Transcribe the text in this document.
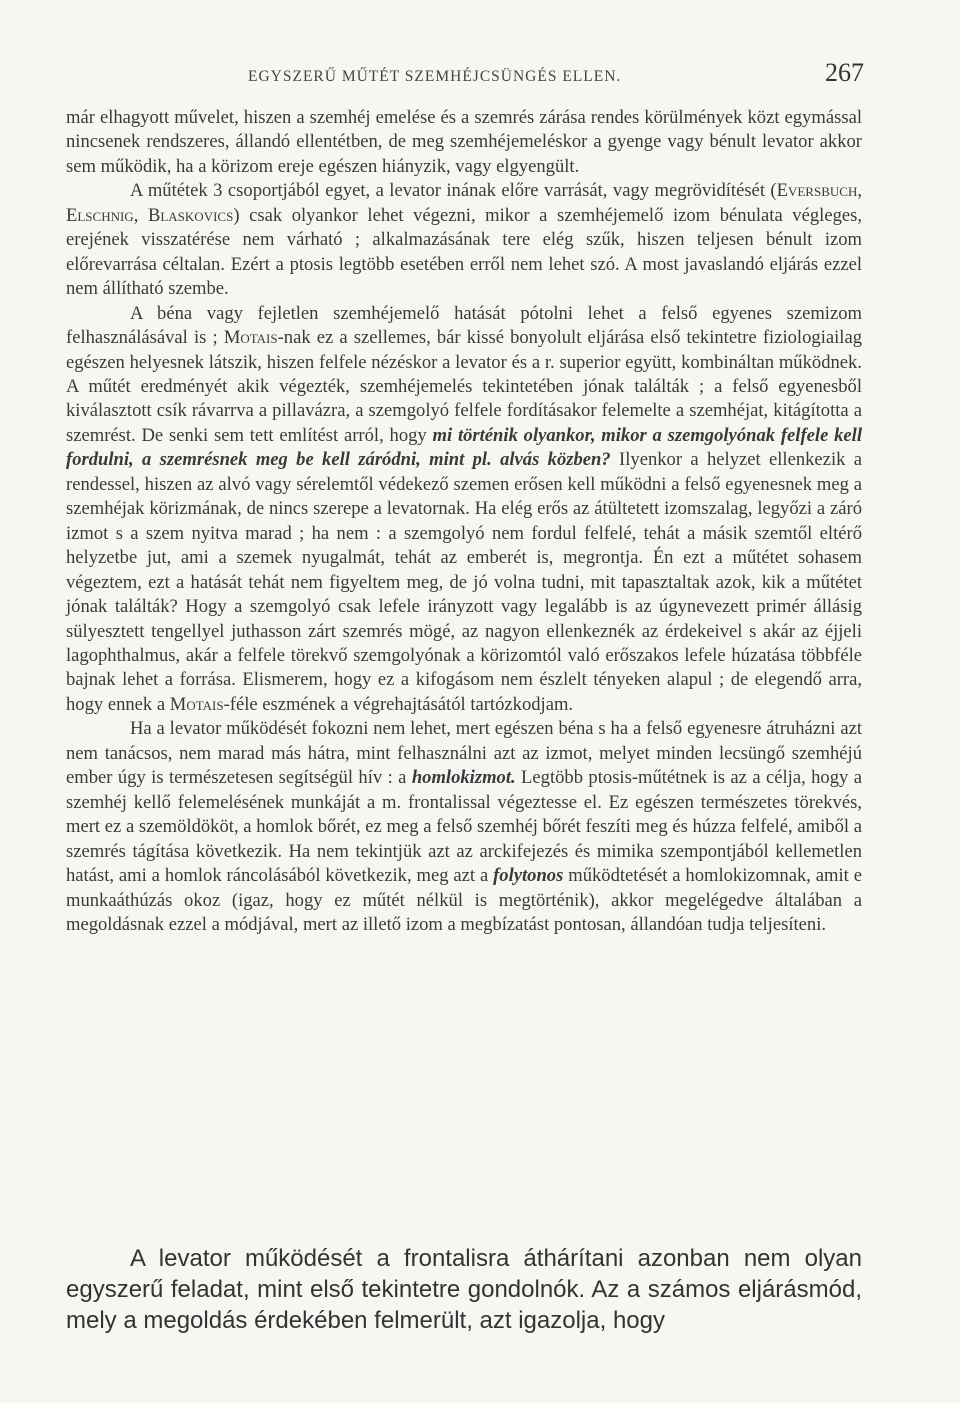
EGYSZERŰ MŰTÉT SZEMHÉJCSÜNGÉS ELLEN.	267

már elhagyott művelet, hiszen a szemhéj emelése és a szemrés zárása rendes körülmények közt egymással nincsenek rendszeres, állandó ellentétben, de meg szemhéjemeléskor a gyenge vagy bénult levator akkor sem működik, ha a körizom ereje egészen hiányzik, vagy elgyengült.

A műtétek 3 csoportjából egyet, a levator inának előre varrását, vagy megrövidítését (Eversbuch, Elschnig, Blaskovics) csak olyankor lehet végezni, mikor a szemhéjemelő izom bénulata végleges, erejének visszatérése nem várható ; alkalmazásának tere elég szűk, hiszen teljesen bénult izom előrevarrása céltalan. Ezért a ptosis legtöbb esetében erről nem lehet szó. A most javaslandó eljárás ezzel nem állítható szembe.

A béna vagy fejletlen szemhéjemelő hatását pótolni lehet a felső egyenes szemizom felhasználásával is ; Motais-nak ez a szellemes, bár kissé bonyolult eljárása első tekintetre fiziologiailag egészen helyesnek látszik, hiszen felfele nézéskor a levator és a r. superior együtt, kombináltan működnek. A műtét eredményét akik végezték, szemhéjemelés tekintetében jónak találták ; a felső egyenesből kiválasztott csík rávarrva a pillavázra, a szemgolyó felfele fordításakor felemelte a szemhéjat, kitágította a szemrést. De senki sem tett említést arról, hogy mi történik olyankor, mikor a szemgolyónak felfele kell fordulni, a szemrésnek meg be kell záródni, mint pl. alvás közben? Ilyenkor a helyzet ellenkezik a rendessel, hiszen az alvó vagy sérelemtől védekező szemen erősen kell működni a felső egyenesnek meg a szemhéjak körizmának, de nincs szerepe a levatornak. Ha elég erős az átültetett izomszalag, legyőzi a záró izmot s a szem nyitva marad ; ha nem : a szemgolyó nem fordul felfelé, tehát a másik szemtől eltérő helyzetbe jut, ami a szemek nyugalmát, tehát az emberét is, megrontja. Én ezt a műtétet sohasem végeztem, ezt a hatását tehát nem figyeltem meg, de jó volna tudni, mit tapasztaltak azok, kik a műtétet jónak találták? Hogy a szemgolyó csak lefele irányzott vagy legalább is az úgynevezett primér állásig sülyesztett tengellyel juthasson zárt szemrés mögé, az nagyon ellenkeznék az érdekeivel s akár az éjjeli lagophthalmus, akár a felfele törekvő szemgolyónak a körizomtól való erőszakos lefele húzatása többféle bajnak lehet a forrása. Elismerem, hogy ez a kifogásom nem észlelt tényeken alapul ; de elegendő arra, hogy ennek a Motais-féle eszmének a végrehajtásától tartózkodjam.

Ha a levator működését fokozni nem lehet, mert egészen béna s ha a felső egyenesre átruházni azt nem tanácsos, nem marad más hátra, mint felhasználni azt az izmot, melyet minden lecsüngő szemhéjú ember úgy is természetesen segítségül hív : a homlokizmot. Legtöbb ptosis-műtétnek is az a célja, hogy a szemhéj kellő felemelésének munkáját a m. frontalissal végeztesse el. Ez egészen természetes törekvés, mert ez a szemöldököt, a homlok bőrét, ez meg a felső szemhéj bőrét feszíti meg és húzza felfelé, amiből a szemrés tágítása következik. Ha nem tekintjük azt az arckifejezés és mimika szempontjából kellemetlen hatást, ami a homlok ráncolásából következik, meg azt a folytonos működtetését a homlokizomnak, amit e munkaáthúzás okoz (igaz, hogy ez műtét nélkül is megtörténik), akkor megelégedve általában a megoldásnak ezzel a módjával, mert az illető izom a megbízatást pontosan, állandóan tudja teljesíteni.

A levator működését a frontalisra áthárítani azonban nem olyan egyszerű feladat, mint első tekintetre gondolnók. Az a számos eljárásmód, mely a megoldás érdekében felmerült, azt igazolja, hogy
